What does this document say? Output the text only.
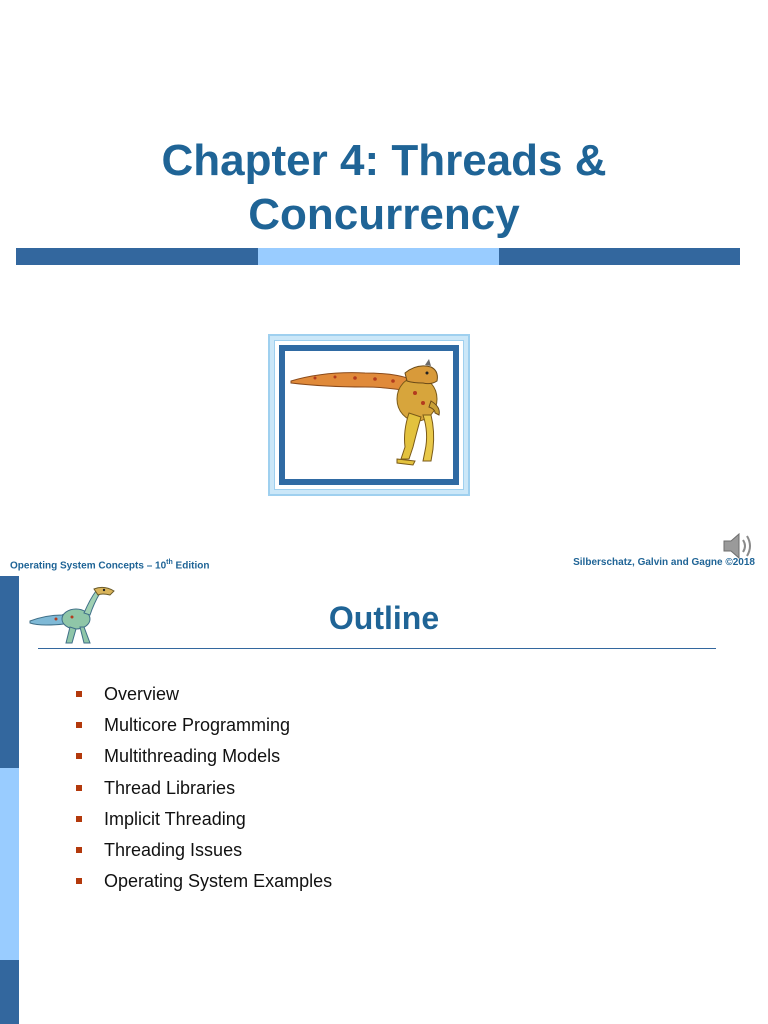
Chapter 4: Threads &
Concurrency
Operating System Concepts – 10th Edition	Silberschatz, Galvin and Gagne ©2018
Outline
Overview
Multicore Programming
Multithreading Models
Thread Libraries
Implicit Threading
Threading Issues
Operating System Examples
